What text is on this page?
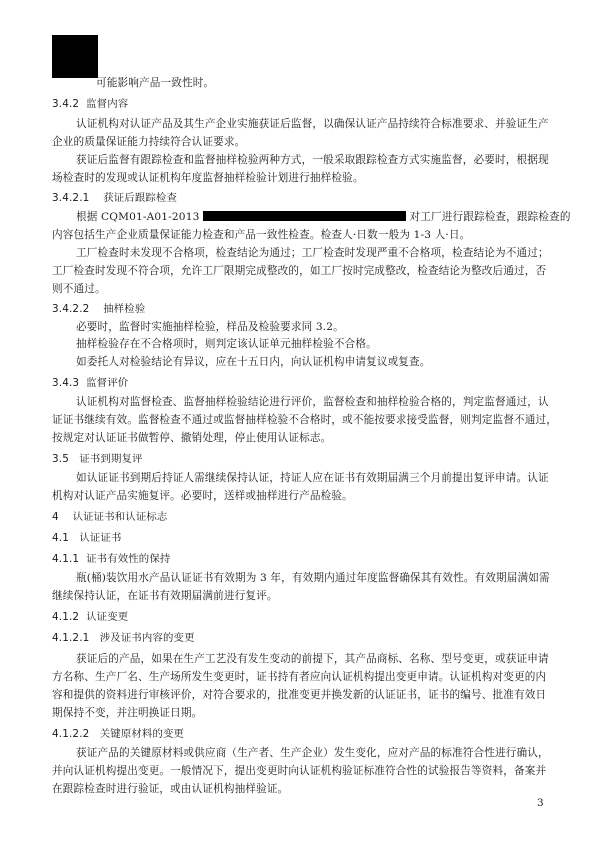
可能影响产品一致性时。
3.4.2 监督内容
认证机构对认证产品及其生产企业实施获证后监督，以确保认证产品持续符合标准要求、并验证生产
企业的质量保证能力持续符合认证要求。
获证后监督有跟踪检查和监督抽样检验两种方式，一般采取跟踪检查方式实施监督，必要时，根据现
场检查时的发现或认证机构年度监督抽样检验计划进行抽样检验。
3.4.2.1 获证后跟踪检查
根据 CQM01-A01-2013	对工厂进行跟踪检查，跟踪检查的
内容包括生产企业质量保证能力检查和产品一致性检查。检查人·日数一般为 1-3 人·日。
工厂检查时未发现不合格项，检查结论为通过；工厂检查时发现严重不合格项，检查结论为不通过；
工厂检查时发现不符合项，允许工厂限期完成整改的，如工厂按时完成整改，检查结论为整改后通过，否
则不通过。
3.4.2.2 抽样检验
必要时，监督时实施抽样检验，样品及检验要求同 3.2。
抽样检验存在不合格项时，则判定该认证单元抽样检验不合格。
如委托人对检验结论有异议，应在十五日内，向认证机构申请复议或复查。
3.4.3 监督评价
认证机构对监督检查、监督抽样检验结论进行评价，监督检查和抽样检验合格的，判定监督通过，认
证证书继续有效。监督检查不通过或监督抽样检验不合格时，或不能按要求接受监督，则判定监督不通过，
按规定对认证证书做暂停、撤销处理，停止使用认证标志。
3.5 证书到期复评
如认证证书到期后持证人需继续保持认证，持证人应在证书有效期届满三个月前提出复评申请。认证
机构对认证产品实施复评。必要时，送样或抽样进行产品检验。
4 认证证书和认证标志
4.1 认证证书
4.1.1 证书有效性的保持
瓶(桶)装饮用水产品认证证书有效期为 3 年，有效期内通过年度监督确保其有效性。有效期届满如需
继续保持认证，在证书有效期届满前进行复评。
4.1.2 认证变更
4.1.2.1 涉及证书内容的变更
获证后的产品，如果在生产工艺没有发生变动的前提下，其产品商标、名称、型号变更，或获证申请
方名称、生产厂名、生产场所发生变更时，证书持有者应向认证机构提出变更申请。认证机构对变更的内
容和提供的资料进行审核评价，对符合要求的，批准变更并换发新的认证证书，证书的编号、批准有效日
期保持不变，并注明换证日期。
4.1.2.2 关键原材料的变更
获证产品的关键原材料或供应商（生产者、生产企业）发生变化，应对产品的标准符合性进行确认，
并向认证机构提出变更。一般情况下，提出变更时向认证机构验证标准符合性的试验报告等资料，备案并
在跟踪检查时进行验证，或由认证机构抽样验证。
3
